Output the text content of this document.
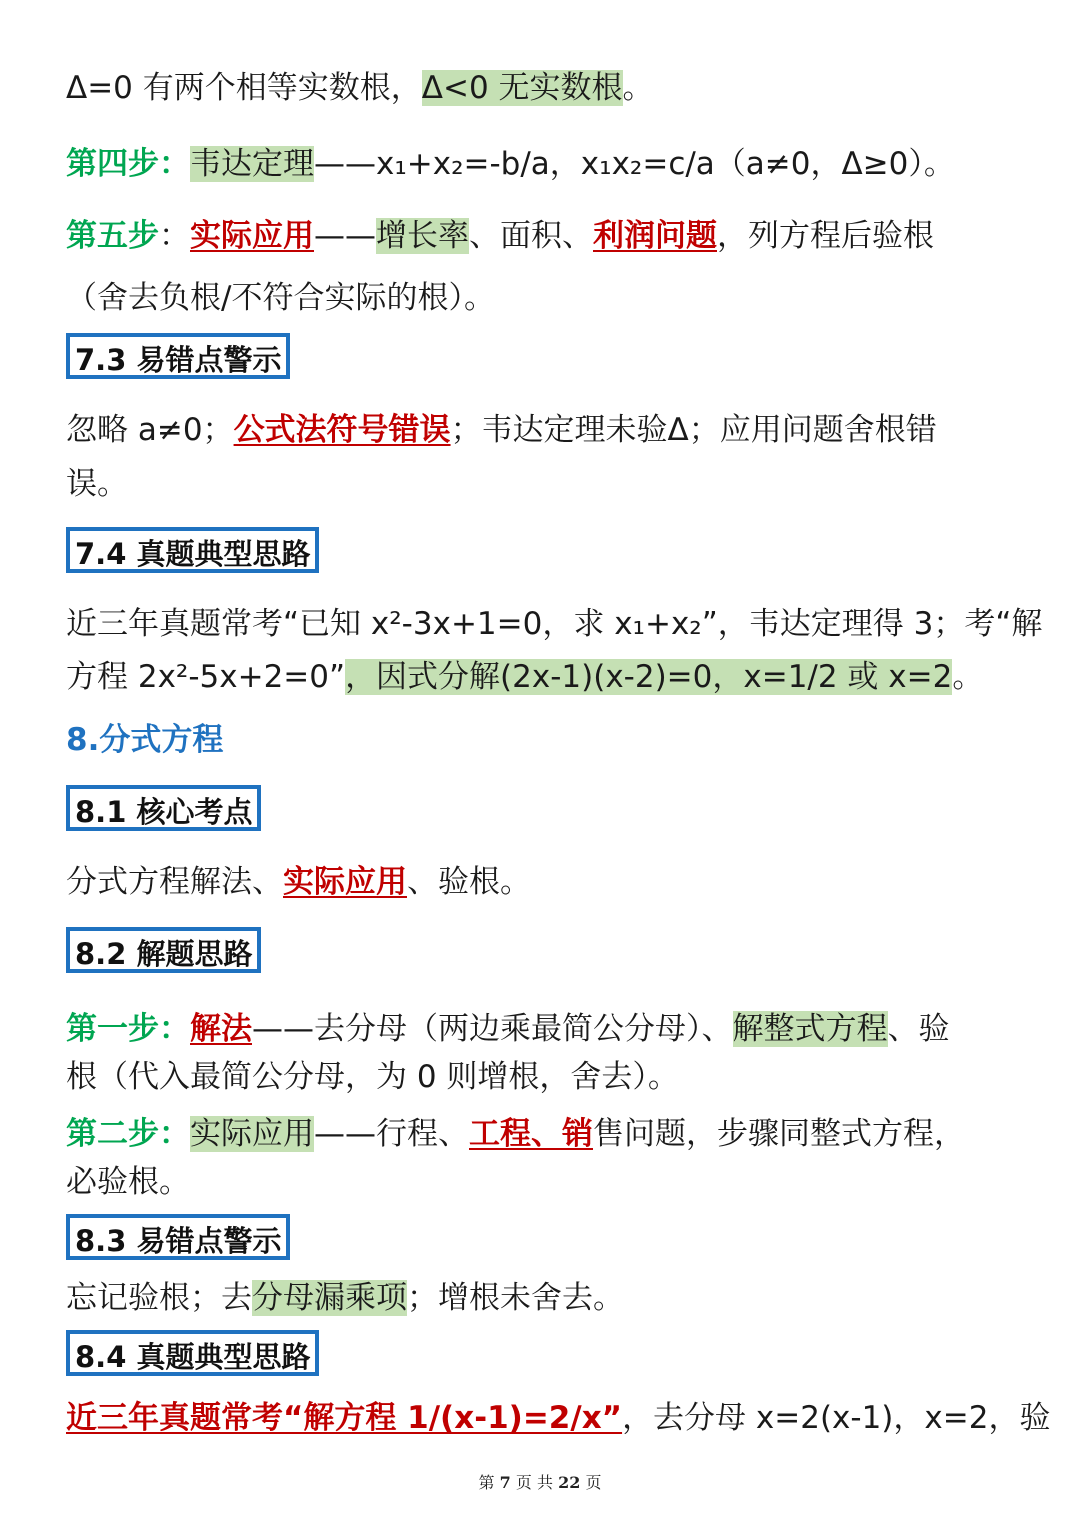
Δ=0 有两个相等实数根，Δ<0 无实数根。
第四步：韦达定理——x₁+x₂=-b/a，x₁x₂=c/a（a≠0，Δ≥0）。
第五步：实际应用——增长率、面积、利润问题，列方程后验根
（舍去负根/不符合实际的根）。
7.3 易错点警示
忽略 a≠0；公式法符号错误；韦达定理未验Δ；应用问题舍根错
误。
7.4 真题典型思路
近三年真题常考“已知 x²-3x+1=0，求 x₁+x₂”，韦达定理得 3；考“解
方程 2x²-5x+2=0”，因式分解(2x-1)(x-2)=0，x=1/2 或 x=2。
8.分式方程
8.1 核心考点
分式方程解法、实际应用、验根。
8.2 解题思路
第一步：解法——去分母（两边乘最简公分母）、解整式方程、验
根（代入最简公分母，为 0 则增根，舍去）。
第二步：实际应用——行程、工程、销售问题，步骤同整式方程，
必验根。
8.3 易错点警示
忘记验根；去分母漏乘项；增根未舍去。
8.4 真题典型思路
近三年真题常考“解方程 1/(x-1)=2/x”，去分母 x=2(x-1)，x=2，验
第 7 页 共 22 页
